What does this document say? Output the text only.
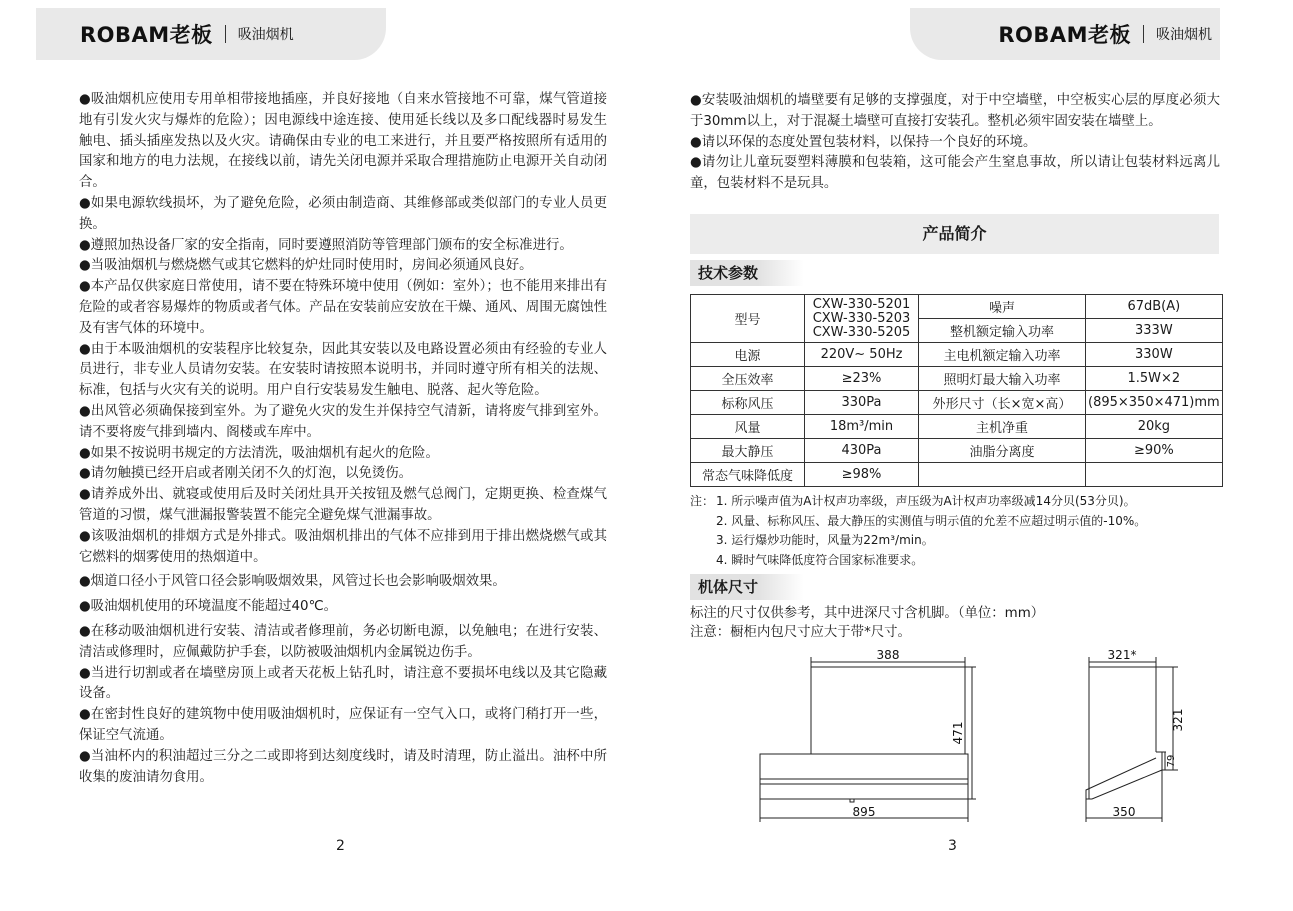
ROBAM老板 吸油烟机

●吸油烟机应使用专用单相带接地插座，并良好接地（自来水管接地不可靠，煤气管道接地有引发火灾与爆炸的危险）；因电源线中途连接、使用延长线以及多口配线器时易发生触电、插头插座发热以及火灾。请确保由专业的电工来进行，并且要严格按照所有适用的国家和地方的电力法规，在接线以前，请先关闭电源并采取合理措施防止电源开关自动闭合。

●如果电源软线损坏，为了避免危险，必须由制造商、其维修部或类似部门的专业人员更换。

●遵照加热设备厂家的安全指南，同时要遵照消防等管理部门颁布的安全标准进行。

●当吸油烟机与燃烧燃气或其它燃料的炉灶同时使用时，房间必须通风良好。

●本产品仅供家庭日常使用，请不要在特殊环境中使用（例如：室外）；也不能用来排出有危险的或者容易爆炸的物质或者气体。产品在安装前应安放在干燥、通风、周围无腐蚀性及有害气体的环境中。

●由于本吸油烟机的安装程序比较复杂，因此其安装以及电路设置必须由有经验的专业人员进行，非专业人员请勿安装。在安装时请按照本说明书，并同时遵守所有相关的法规、标准，包括与火灾有关的说明。用户自行安装易发生触电、脱落、起火等危险。

●出风管必须确保接到室外。为了避免火灾的发生并保持空气清新，请将废气排到室外。请不要将废气排到墙内、阁楼或车库中。

●如果不按说明书规定的方法清洗，吸油烟机有起火的危险。

●请勿触摸已经开启或者刚关闭不久的灯泡，以免烫伤。

●请养成外出、就寝或使用后及时关闭灶具开关按钮及燃气总阀门，定期更换、检查煤气管道的习惯，煤气泄漏报警装置不能完全避免煤气泄漏事故。

●该吸油烟机的排烟方式是外排式。吸油烟机排出的气体不应排到用于排出燃烧燃气或其它燃料的烟雾使用的热烟道中。

●烟道口径小于风管口径会影响吸烟效果，风管过长也会影响吸烟效果。

●吸油烟机使用的环境温度不能超过40℃。

●在移动吸油烟机进行安装、清洁或者修理前，务必切断电源，以免触电；在进行安装、清洁或修理时，应佩戴防护手套，以防被吸油烟机内金属锐边伤手。

●当进行切割或者在墙壁房顶上或者天花板上钻孔时，请注意不要损坏电线以及其它隐藏设备。

●在密封性良好的建筑物中使用吸油烟机时，应保证有一空气入口，或将门稍打开一些，保证空气流通。

●当油杯内的积油超过三分之二或即将到达刻度线时，请及时清理，防止溢出。油杯中所收集的废油请勿食用。

2
ROBAM老板 吸油烟机

●安装吸油烟机的墙壁要有足够的支撑强度，对于中空墙壁，中空板实心层的厚度必须大于30mm以上，对于混凝土墙壁可直接打安装孔。整机必须牢固安装在墙壁上。

●请以环保的态度处置包装材料，以保持一个良好的环境。

●请勿让儿童玩耍塑料薄膜和包装箱，这可能会产生窒息事故，所以请让包装材料远离儿童，包装材料不是玩具。

产品简介
技术参数
型号	CXW-330-5201
CXW-330-5203
CXW-330-5205	噪声	67dB(A)
		整机额定输入功率	333W
电源	220V~ 50Hz	主电机额定输入功率	330W
全压效率	≥23%	照明灯最大输入功率	1.5W×2
标称风压	330Pa	外形尺寸（长×宽×高）	(895×350×471)mm
风量	18m³/min	主机净重	20kg
最大静压	430Pa	油脂分离度	≥90%
常态气味降低度	≥98%		
注： 1. 所示噪声值为A计权声功率级，声压级为A计权声功率级减14分贝(53分贝)。
2. 风量、标称风压、最大静压的实测值与明示值的允差不应超过明示值的-10%。
3. 运行爆炒功能时，风量为22m³/min。
4. 瞬时气味降低度符合国家标准要求。
机体尺寸
标注的尺寸仅供参考，其中进深尺寸含机脚。（单位：mm）
注意：橱柜内包尺寸应大于带*尺寸。
388
471
895
321*
321
79
350
3
